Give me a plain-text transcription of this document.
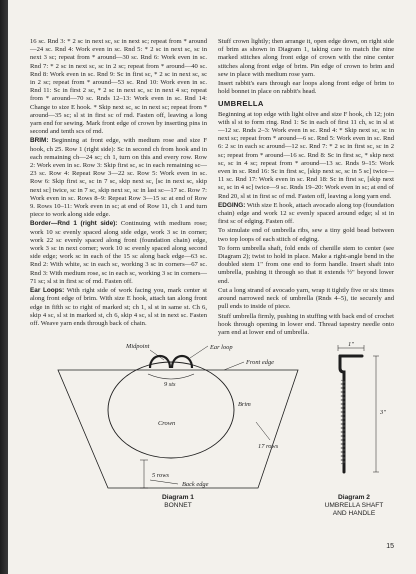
16 sc. Rnd 3: * 2 sc in next sc, sc in next sc; repeat from * around—24 sc. Rnd 4: Work even in sc. Rnd 5: * 2 sc in next sc, sc in next 3 sc; repeat from * around—30 sc. Rnd 6: Work even in sc. Rnd 7: * 2 sc in next sc, sc in 2 sc; repeat from * around—40 sc. Rnd 8: Work even in sc. Rnd 9: Sc in first sc, * 2 sc in next sc, sc in 2 sc; repeat from * around—53 sc. Rnd 10: Work even in sc. Rnd 11: Sc in first 2 sc, * 2 sc in next sc, sc in next 4 sc; repeat from * around—70 sc. Rnds 12–13: Work even in sc. Rnd 14: Change to size E hook. * Skip next sc, sc in next sc; repeat from * around—35 sc; sl st in first sc of rnd. Fasten off, leaving a long yarn end for sewing. Mark front edge of crown by inserting pins in second and tenth scs of rnd.

BRIM: Beginning at front edge, with medium rose and size F hook, ch 25. Row 1 (right side): Sc in second ch from hook and in each remaining ch—24 sc; ch 1, turn on this and every row. Row 2: Work even in sc. Row 3: Skip first sc, sc in each remaining sc—23 sc. Row 4: Repeat Row 3—22 sc. Row 5: Work even in sc. Row 6: Skip first sc, sc in 7 sc, skip next sc, [sc in next sc, skip next sc] twice, sc in 7 sc, skip next sc, sc in last sc—17 sc. Row 7: Work even in sc. Rows 8–9: Repeat Row 3—15 sc at end of Row 9. Rows 10–11: Work even in sc; at end of Row 11, ch 1 and turn piece to work along side edge.

Border—Rnd 1 (right side): Continuing with medium rose; work 10 sc evenly spaced along side edge, work 3 sc in corner; work 22 sc evenly spaced along front (foundation chain) edge, work 3 sc in next corner; work 10 sc evenly spaced along second side edge; work sc in each of the 15 sc along back edge—63 sc. Rnd 2: With white, sc in each sc, working 3 sc in corners—67 sc. Rnd 3: With medium rose, sc in each sc, working 3 sc in corners—71 sc; sl st in first sc of rnd. Fasten off.

Ear Loops: With right side of work facing you, mark center st along front edge of brim. With size E hook, attach tan along front edge in fifth sc to right of marked st; ch 1, sl st in same st. Ch 6, skip 4 sc, sl st in marked st, ch 6, skip 4 sc, sl st in next sc. Fasten off. Weave yarn ends through back of chain.

Stuff crown lightly; then arrange it, open edge down, on right side of brim as shown in Diagram 1, taking care to match the nine marked stitches along front edge of crown with the nine center stitches along front edge of brim. Pin edge of crown to brim and sew in place with medium rose yarn.

Insert rabbit's ears through ear loops along front edge of brim to hold bonnet in place on rabbit's head.

UMBRELLA

Beginning at top edge with light olive and size F hook, ch 12; join with sl st to form ring. Rnd 1: Sc in each of first 11 ch, sc in sl st—12 sc. Rnds 2–3: Work even in sc. Rnd 4: * Skip next sc, sc in next sc; repeat from * around—6 sc. Rnd 5: Work even in sc. Rnd 6: 2 sc in each sc around—12 sc. Rnd 7: * 2 sc in first sc, sc in 2 sc; repeat from * around—16 sc. Rnd 8: Sc in first sc, * skip next sc, sc in 4 sc; repeat from * around—13 sc. Rnds 9–15: Work even in sc. Rnd 16: Sc in first sc, [skip next sc, sc in 5 sc] twice—11 sc. Rnd 17: Work even in sc. Rnd 18: Sc in first sc, [skip next sc, sc in 4 sc] twice—9 sc. Rnds 19–20: Work even in sc; at end of Rnd 20, sl st in first sc of rnd. Fasten off, leaving a long yarn end.

EDGING: With size E hook, attach avocado along top (foundation chain) edge and work 12 sc evenly spaced around edge; sl st in first sc of edging. Fasten off.

To simulate end of umbrella ribs, sew a tiny gold bead between two top loops of each stitch of edging.

To form umbrella shaft, fold ends of chenille stem to center (see Diagram 2); twist to hold in place. Make a right-angle bend in the doubled stem 1" from one end to form handle. Insert shaft into umbrella, pushing it through so that it extends ½" beyond lower end.

Cut a long strand of avocado yarn, wrap it tightly five or six times around narrowed neck of umbrella (Rnds 4–5), tie securely and pull ends to inside of piece.

Stuff umbrella firmly, pushing in stuffing with back end of crochet hook through opening in lower end. Thread tapestry needle onto yarn end at lower end of umbrella.

Midpoint	Ear loop
Front edge
9 sts
Brim
Crown
17 rows
5 rows
Back edge
Diagram 1
BONNET
1"
3"
Diagram 2
UMBRELLA SHAFT
AND HANDLE
15
